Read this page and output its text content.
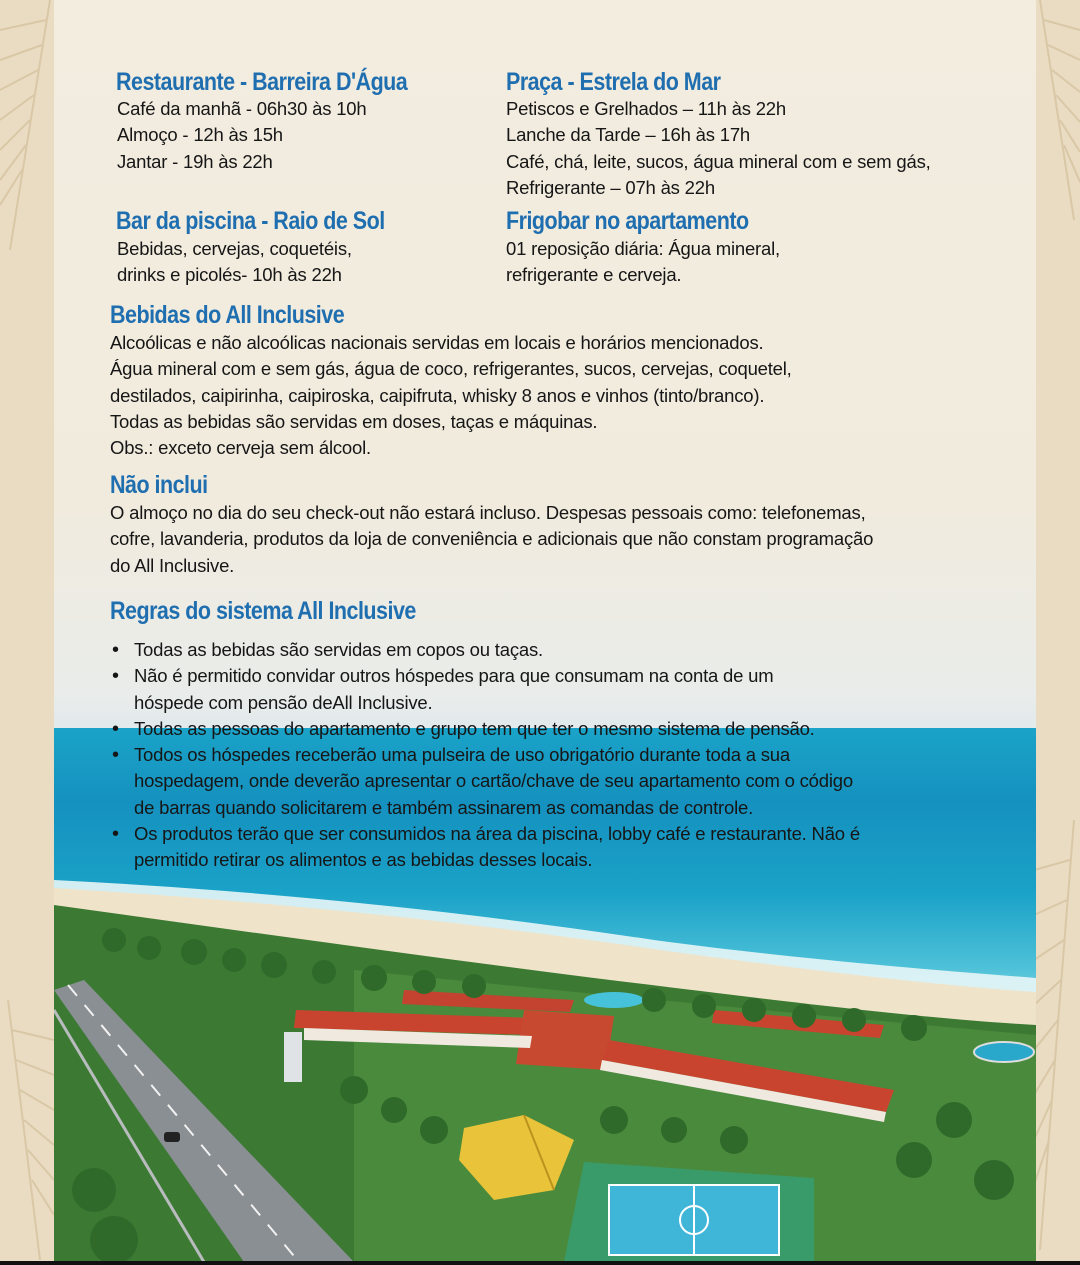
Restaurante - Barreira D'Água
Café da manhã - 06h30 às 10h
Almoço - 12h às 15h
Jantar - 19h às 22h
Praça - Estrela do Mar
Petiscos e Grelhados – 11h às 22h
Lanche da Tarde – 16h às 17h
Café, chá, leite, sucos, água mineral com e sem gás,
Refrigerante – 07h às 22h
Bar da piscina - Raio de Sol
Bebidas, cervejas, coquetéis,
drinks e picolés- 10h às 22h
Frigobar no apartamento
01 reposição diária: Água mineral,
refrigerante e cerveja.
Bebidas do All Inclusive
Alcoólicas e não alcoólicas nacionais servidas em locais e horários mencionados.
Água mineral com e sem gás, água de coco, refrigerantes, sucos, cervejas, coquetel,
destilados, caipirinha, caipiroska, caipifruta, whisky 8 anos e vinhos (tinto/branco).
Todas as bebidas são servidas em doses, taças e máquinas.
Obs.: exceto cerveja sem álcool.
Não inclui
O almoço no dia do seu check-out não estará incluso. Despesas pessoais como: telefonemas,
cofre, lavanderia, produtos da loja de conveniência e adicionais que não constam programação
do All Inclusive.
Regras do sistema All Inclusive
• Todas as bebidas são servidas em copos ou taças.
• Não é permitido convidar outros hóspedes para que consumam na conta de um
hóspede com pensão deAll Inclusive.
• Todas as pessoas do apartamento e grupo tem que ter o mesmo sistema de pensão.
• Todos os hóspedes receberão uma pulseira de uso obrigatório durante toda a sua
hospedagem, onde deverão apresentar o cartão/chave de seu apartamento com o código
de barras quando solicitarem e também assinarem as comandas de controle.
• Os produtos terão que ser consumidos na área da piscina, lobby café e restaurante. Não é
permitido retirar os alimentos e as bebidas desses locais.
